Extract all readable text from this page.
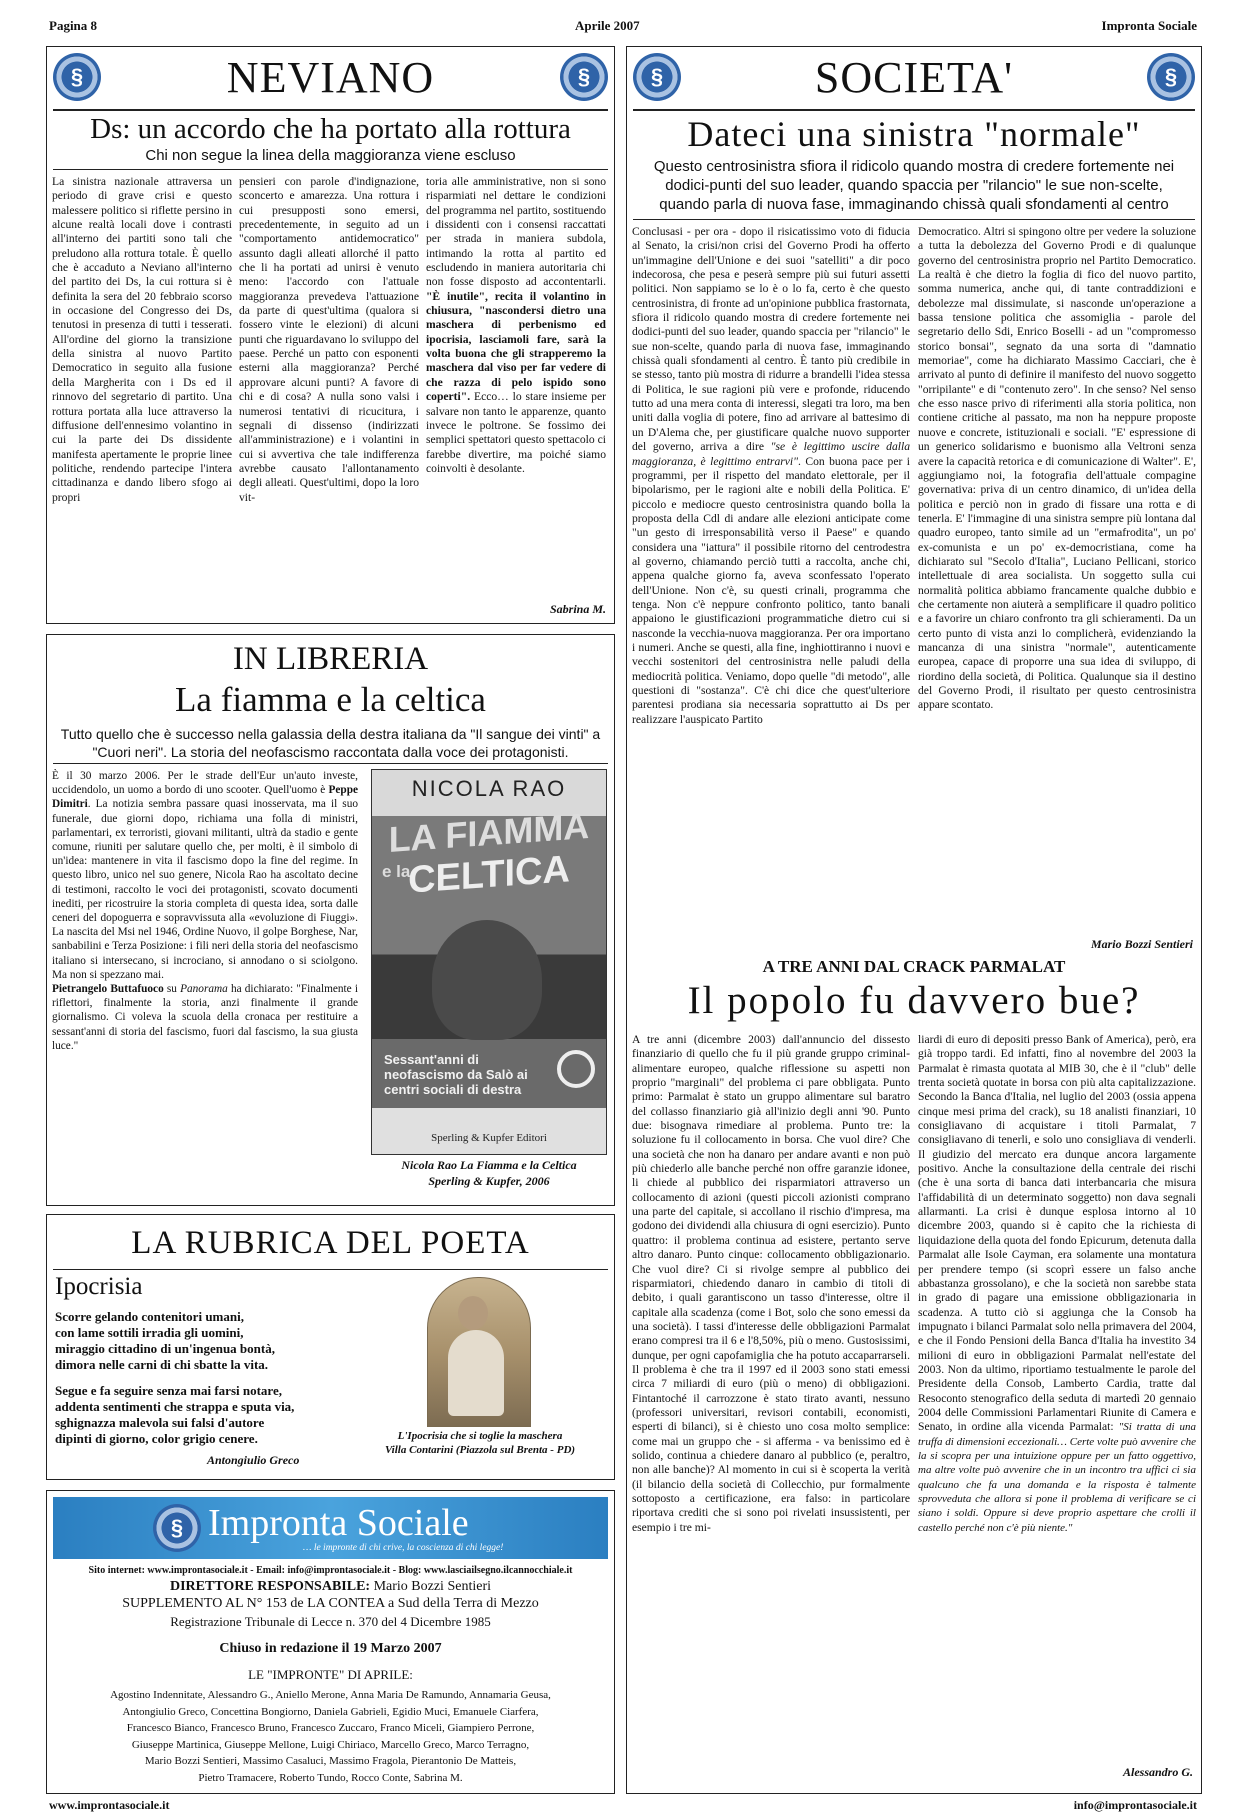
Pagina 8	Aprile 2007	Impronta Sociale
§	§
NEVIANO
Ds: un accordo che ha portato alla rottura
Chi non segue la linea della maggioranza viene escluso

La sinistra nazionale attraversa un periodo di grave crisi e questo malessere politico si riflette persino in alcune realtà locali dove i contrasti all'interno dei partiti sono tali che preludono alla rottura totale. È quello che è accaduto a Neviano all'interno del partito dei Ds, la cui rottura si è definita la sera del 20 febbraio scorso in occasione del Congresso dei Ds, tenutosi in presenza di tutti i tesserati. All'ordine del giorno la transizione della sinistra al nuovo Partito Democratico in seguito alla fusione della Margherita con i Ds ed il rinnovo del segretario di partito. Una rottura portata alla luce attraverso la diffusione dell'ennesimo volantino in cui la parte dei Ds dissidente manifesta apertamente le proprie linee politiche, rendendo partecipe l'intera cittadinanza e dando libero sfogo ai propri

pensieri con parole d'indignazione, sconcerto e amarezza. Una rottura i cui presupposti sono emersi, precedentemente, in seguito ad un "comportamento antidemocratico" assunto dagli alleati allorché il patto che li ha portati ad unirsi è venuto meno: l'accordo con l'attuale maggioranza prevedeva l'attuazione da parte di quest'ultima (qualora si fossero vinte le elezioni) di alcuni punti che riguardavano lo sviluppo del paese. Perché un patto con esponenti esterni alla maggioranza? Perché approvare alcuni punti? A favore di chi e di cosa? A nulla sono valsi i numerosi tentativi di ricucitura, i segnali di dissenso (indirizzati all'amministrazione) e i volantini in cui si avvertiva che tale indifferenza avrebbe causato l'allontanamento degli alleati. Quest'ultimi, dopo la loro vit-

toria alle amministrative, non si sono risparmiati nel dettare le condizioni del programma nel partito, sostituendo i dissidenti con i consensi raccattati per strada in maniera subdola, intimando la rotta al partito ed escludendo in maniera autoritaria chi non fosse disposto ad accontentarli. "È inutile", recita il volantino in chiusura, "nascondersi dietro una maschera di perbenismo ed ipocrisia, lasciamoli fare, sarà la volta buona che gli strapperemo la maschera dal viso per far vedere di che razza di pelo ispido sono coperti". Ecco… lo stare insieme per salvare non tanto le apparenze, quanto invece le poltrone. Se fossimo dei semplici spettatori questo spettacolo ci farebbe divertire, ma poiché siamo coinvolti è desolante.

Sabrina M.
IN LIBRERIA
La fiamma e la celtica
Tutto quello che è successo nella galassia della destra italiana da "Il sangue dei vinti" a "Cuori neri". La storia del neofascismo raccontata dalla voce dei protagonisti.

È il 30 marzo 2006. Per le strade dell'Eur un'auto investe, uccidendolo, un uomo a bordo di uno scooter. Quell'uomo è Peppe Dimitri. La notizia sembra passare quasi inosservata, ma il suo funerale, due giorni dopo, richiama una folla di ministri, parlamentari, ex terroristi, giovani militanti, ultrà da stadio e gente comune, riuniti per salutare quello che, per molti, è il simbolo di un'idea: mantenere in vita il fascismo dopo la fine del regime. In questo libro, unico nel suo genere, Nicola Rao ha ascoltato decine di testimoni, raccolto le voci dei protagonisti, scovato documenti inediti, per ricostruire la storia completa di questa idea, sorta dalle ceneri del dopoguerra e sopravvissuta alla «evoluzione di Fiuggi». La nascita del Msi nel 1946, Ordine Nuovo, il golpe Borghese, Nar, sanbabilini e Terza Posizione: i fili neri della storia del neofascismo italiano si intersecano, si incrociano, si annodano o si sciolgono. Ma non si spezzano mai.

Pietrangelo Buttafuoco su Panorama ha dichiarato: "Finalmente i riflettori, finalmente la storia, anzi finalmente il grande giornalismo. Ci voleva la scuola della cronaca per restituire a sessant'anni di storia del fascismo, fuori dal fascismo, la sua giusta luce."

NICOLA RAO
LA FIAMMA
e la
CELTICA
Sessant'anni di neofascismo da Salò ai centri sociali di destra
Sperling & Kupfer Editori
Nicola Rao La Fiamma e la Celtica
Sperling & Kupfer, 2006
LA RUBRICA DEL POETA
Ipocrisia
Scorre gelando contenitori umani,
con lame sottili irradia gli uomini,
miraggio cittadino di un'ingenua bontà,
dimora nelle carni di chi sbatte la vita.
Segue e fa seguire senza mai farsi notare,
addenta sentimenti che strappa e sputa via,
sghignazza malevola sui falsi d'autore
dipinti di giorno, color grigio cenere.
Antongiulio Greco
L'Ipocrisia che si toglie la maschera
Villa Contarini (Piazzola sul Brenta - PD)
§ Impronta Sociale
… le impronte di chi crive, la coscienza di chi legge!
Sito internet: www.improntasociale.it - Email: info@improntasociale.it - Blog: www.lasciailsegno.ilcannocchiale.it
DIRETTORE RESPONSABILE: Mario Bozzi Sentieri
SUPPLEMENTO AL N° 153 de LA CONTEA a Sud della Terra di Mezzo
Registrazione Tribunale di Lecce n. 370 del 4 Dicembre 1985
Chiuso in redazione il 19 Marzo 2007
LE "IMPRONTE" DI APRILE:
Agostino Indennitate, Alessandro G., Aniello Merone, Anna Maria De Ramundo, Annamaria Geusa,
Antongiulio Greco, Concettina Bongiorno, Daniela Gabrieli, Egidio Muci, Emanuele Ciarfera,
Francesco Bianco, Francesco Bruno, Francesco Zuccaro, Franco Miceli, Giampiero Perrone,
Giuseppe Martinica, Giuseppe Mellone, Luigi Chiriaco, Marcello Greco, Marco Terragno,
Mario Bozzi Sentieri, Massimo Casaluci, Massimo Fragola, Pierantonio De Matteis,
Pietro Tramacere, Roberto Tundo, Rocco Conte, Sabrina M.
§	§
SOCIETA'
Dateci una sinistra "normale"
Questo centrosinistra sfiora il ridicolo quando mostra di credere fortemente nei dodici-punti del suo leader, quando spaccia per "rilancio" le sue non-scelte, quando parla di nuova fase, immaginando chissà quali sfondamenti al centro

Conclusasi - per ora - dopo il risicatissimo voto di fiducia al Senato, la crisi/non crisi del Governo Prodi ha offerto un'immagine dell'Unione e dei suoi "satelliti" a dir poco indecorosa, che pesa e peserà sempre più sui futuri assetti politici. Non sappiamo se lo è o lo fa, certo è che questo centrosinistra, di fronte ad un'opinione pubblica frastornata, sfiora il ridicolo quando mostra di credere fortemente nei dodici-punti del suo leader, quando spaccia per "rilancio" le sue non-scelte, quando parla di nuova fase, immaginando chissà quali sfondamenti al centro. È tanto più credibile in se stesso, tanto più mostra di ridurre a brandelli l'idea stessa di Politica, le sue ragioni più vere e profonde, riducendo tutto ad una mera conta di interessi, slegati tra loro, ma ben uniti dalla voglia di potere, fino ad arrivare al battesimo di un D'Alema che, per giustificare qualche nuovo supporter del governo, arriva a dire "se è legittimo uscire dalla maggioranza, è legittimo entrarvi". Con buona pace per i programmi, per il rispetto del mandato elettorale, per il bipolarismo, per le ragioni alte e nobili della Politica. E' piccolo e mediocre questo centrosinistra quando bolla la proposta della Cdl di andare alle elezioni anticipate come "un gesto di irresponsabilità verso il Paese" e quando considera una "iattura" il possibile ritorno del centrodestra al governo, chiamando perciò tutti a raccolta, anche chi, appena qualche giorno fa, aveva sconfessato l'operato dell'Unione. Non c'è, su questi crinali, programma che tenga. Non c'è neppure confronto politico, tanto banali appaiono le giustificazioni programmatiche dietro cui si nasconde la vecchia-nuova maggioranza. Per ora importano i numeri. Anche se questi, alla fine, inghiottiranno i nuovi e vecchi sostenitori del centrosinistra nelle paludi della mediocrità politica. Veniamo, dopo quelle "di metodo", alle questioni di "sostanza". C'è chi dice che quest'ulteriore parentesi prodiana sia necessaria soprattutto ai Ds per realizzare l'auspicato Partito

Democratico. Altri si spingono oltre per vedere la soluzione a tutta la debolezza del Governo Prodi e di qualunque governo del centrosinistra proprio nel Partito Democratico. La realtà è che dietro la foglia di fico del nuovo partito, somma numerica, anche qui, di tante contraddizioni e debolezze mal dissimulate, si nasconde un'operazione a bassa tensione politica che assomiglia - parole del segretario dello Sdi, Enrico Boselli - ad un "compromesso storico bonsai", segnato da una sorta di "damnatio memoriae", come ha dichiarato Massimo Cacciari, che è arrivato al punto di definire il manifesto del nuovo soggetto "orripilante" e di "contenuto zero". In che senso? Nel senso che esso nasce privo di riferimenti alla storia politica, non contiene critiche al passato, ma non ha neppure proposte nuove e concrete, istituzionali e sociali. "E' espressione di un generico solidarismo e buonismo alla Veltroni senza avere la capacità retorica e di comunicazione di Walter". E', aggiungiamo noi, la fotografia dell'attuale compagine governativa: priva di un centro dinamico, di un'idea della politica e perciò non in grado di fissare una rotta e di tenerla. E' l'immagine di una sinistra sempre più lontana dal quadro europeo, tanto simile ad un "ermafrodita", un po' ex-comunista e un po' ex-democristiana, come ha dichiarato sul "Secolo d'Italia", Luciano Pellicani, storico intellettuale di area socialista. Un soggetto sulla cui normalità politica abbiamo francamente qualche dubbio e che certamente non aiuterà a semplificare il quadro politico e a favorire un chiaro confronto tra gli schieramenti. Da un certo punto di vista anzi lo complicherà, evidenziando la mancanza di una sinistra "normale", autenticamente europea, capace di proporre una sua idea di sviluppo, di riordino della società, di Politica. Qualunque sia il destino del Governo Prodi, il risultato per questo centrosinistra appare scontato.

Mario Bozzi Sentieri
A TRE ANNI DAL CRACK PARMALAT
Il popolo fu davvero bue?

A tre anni (dicembre 2003) dall'annuncio del dissesto finanziario di quello che fu il più grande gruppo criminal-alimentare europeo, qualche riflessione su aspetti non proprio "marginali" del problema ci pare obbligata. Punto primo: Parmalat è stato un gruppo alimentare sul baratro del collasso finanziario già all'inizio degli anni '90. Punto due: bisognava rimediare al problema. Punto tre: la soluzione fu il collocamento in borsa. Che vuol dire? Che una società che non ha danaro per andare avanti e non può più chiederlo alle banche perché non offre garanzie idonee, li chiede al pubblico dei risparmiatori attraverso un collocamento di azioni (questi piccoli azionisti comprano una parte del capitale, si accollano il rischio d'impresa, ma godono dei dividendi alla chiusura di ogni esercizio). Punto quattro: il problema continua ad esistere, pertanto serve altro danaro. Punto cinque: collocamento obbligazionario. Che vuol dire? Ci si rivolge sempre al pubblico dei risparmiatori, chiedendo danaro in cambio di titoli di debito, i quali garantiscono un tasso d'interesse, oltre il capitale alla scadenza (come i Bot, solo che sono emessi da una società). I tassi d'interesse delle obbligazioni Parmalat erano compresi tra il 6 e l'8,50%, più o meno. Gustosissimi, dunque, per ogni capofamiglia che ha potuto accaparrarseli. Il problema è che tra il 1997 ed il 2003 sono stati emessi circa 7 miliardi di euro (più o meno) di obbligazioni. Fintantoché il carrozzone è stato tirato avanti, nessuno (professori universitari, revisori contabili, economisti, esperti di bilanci), si è chiesto uno cosa molto semplice: come mai un gruppo che - si afferma - va benissimo ed è solido, continua a chiedere danaro al pubblico (e, peraltro, non alle banche)? Al momento in cui si è scoperta la verità (il bilancio della società di Collecchio, pur formalmente sottoposto a certificazione, era falso: in particolare riportava crediti che si sono poi rivelati insussistenti, per esempio i tre mi-

liardi di euro di depositi presso Bank of America), però, era già troppo tardi. Ed infatti, fino al novembre del 2003 la Parmalat è rimasta quotata al MIB 30, che è il "club" delle trenta società quotate in borsa con più alta capitalizzazione. Secondo la Banca d'Italia, nel luglio del 2003 (ossia appena cinque mesi prima del crack), su 18 analisti finanziari, 10 consigliavano di acquistare i titoli Parmalat, 7 consigliavano di tenerli, e solo uno consigliava di venderli. Il giudizio del mercato era dunque ancora largamente positivo. Anche la consultazione della centrale dei rischi (che è una sorta di banca dati interbancaria che misura l'affidabilità di un determinato soggetto) non dava segnali allarmanti. La crisi è dunque esplosa intorno al 10 dicembre 2003, quando si è capito che la richiesta di liquidazione della quota del fondo Epicurum, detenuta dalla Parmalat alle Isole Cayman, era solamente una montatura per prendere tempo (si scoprì essere un falso anche abbastanza grossolano), e che la società non sarebbe stata in grado di pagare una emissione obbligazionaria in scadenza. A tutto ciò si aggiunga che la Consob ha impugnato i bilanci Parmalat solo nella primavera del 2004, e che il Fondo Pensioni della Banca d'Italia ha investito 34 milioni di euro in obbligazioni Parmalat nell'estate del 2003. Non da ultimo, riportiamo testualmente le parole del Presidente della Consob, Lamberto Cardia, tratte dal Resoconto stenografico della seduta di martedì 20 gennaio 2004 delle Commissioni Parlamentari Riunite di Camera e Senato, in ordine alla vicenda Parmalat: "Si tratta di una truffa di dimensioni eccezionali… Certe volte può avvenire che la si scopra per una intuizione oppure per un fatto oggettivo, ma altre volte può avvenire che in un incontro tra uffici ci sia qualcuno che fa una domanda e la risposta è talmente sprovveduta che allora si pone il problema di verificare se ci siano i soldi. Oppure si deve proprio aspettare che crolli il castello perché non c'è più niente."

Alessandro G.
www.improntasociale.it	info@improntasociale.it
